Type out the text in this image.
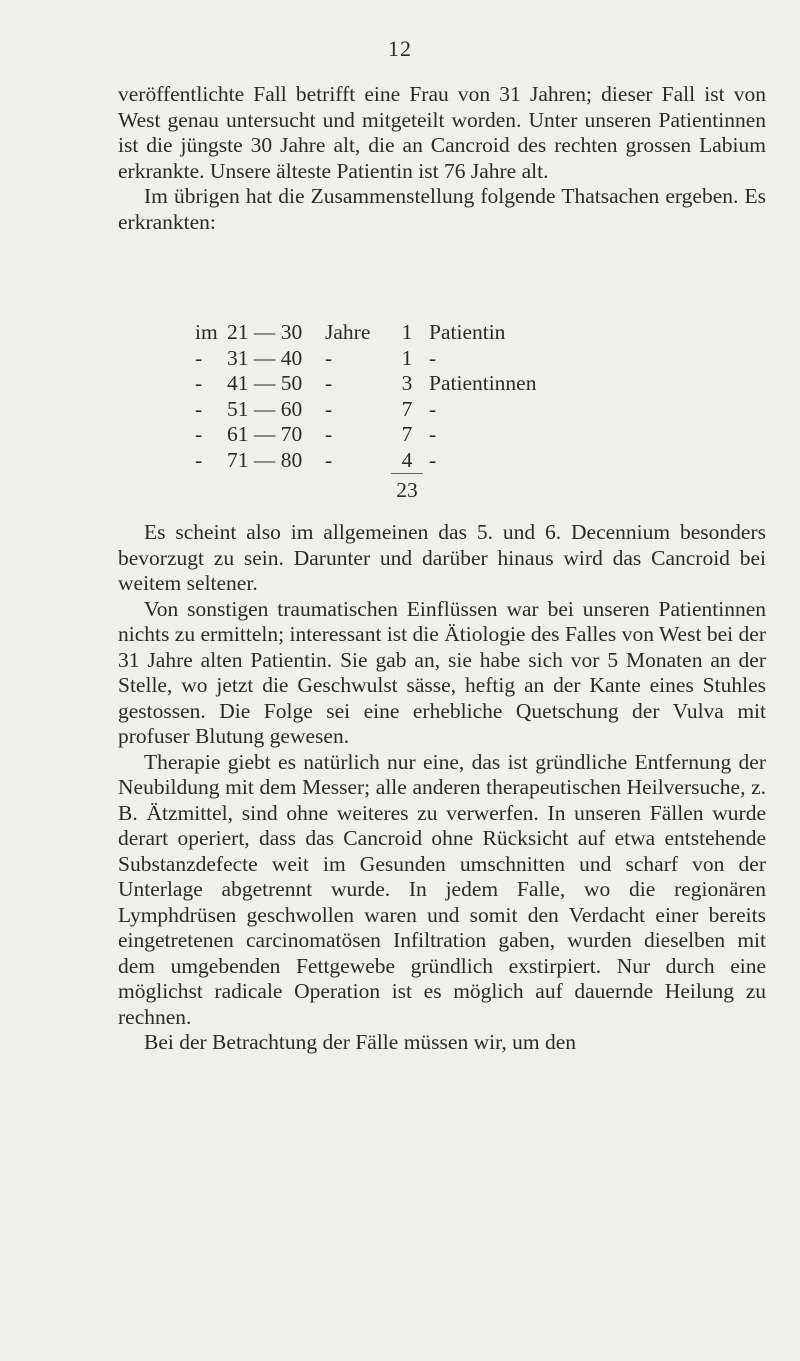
12

veröffentlichte Fall betrifft eine Frau von 31 Jahren; dieser Fall ist von West genau untersucht und mitgeteilt worden. Unter unseren Patientinnen ist die jüngste 30 Jahre alt, die an Cancroid des rechten grossen Labium erkrankte. Unsere älteste Patientin ist 76 Jahre alt.

Im übrigen hat die Zusammenstellung folgende Thatsachen ergeben. Es erkrankten:

im	21 — 30	Jahre	1	Patientin
-	31 — 40	-	1	-
-	41 — 50	-	3	Patientinnen
-	51 — 60	-	7	-
-	61 — 70	-	7	-
-	71 — 80	-	4	-
			23	

Es scheint also im allgemeinen das 5. und 6. Decennium besonders bevorzugt zu sein. Darunter und darüber hinaus wird das Cancroid bei weitem seltener.

Von sonstigen traumatischen Einflüssen war bei unseren Patientinnen nichts zu ermitteln; interessant ist die Ätiologie des Falles von West bei der 31 Jahre alten Patientin. Sie gab an, sie habe sich vor 5 Monaten an der Stelle, wo jetzt die Geschwulst sässe, heftig an der Kante eines Stuhles gestossen. Die Folge sei eine erhebliche Quetschung der Vulva mit profuser Blutung gewesen.

Therapie giebt es natürlich nur eine, das ist gründliche Entfernung der Neubildung mit dem Messer; alle anderen therapeutischen Heilversuche, z. B. Ätzmittel, sind ohne weiteres zu verwerfen. In unseren Fällen wurde derart operiert, dass das Cancroid ohne Rücksicht auf etwa entstehende Substanzdefecte weit im Gesunden umschnitten und scharf von der Unterlage abgetrennt wurde. In jedem Falle, wo die regionären Lymphdrüsen geschwollen waren und somit den Verdacht einer bereits eingetretenen carcinomatösen Infiltration gaben, wurden dieselben mit dem umgebenden Fettgewebe gründlich exstirpiert. Nur durch eine möglichst radicale Operation ist es möglich auf dauernde Heilung zu rechnen.

Bei der Betrachtung der Fälle müssen wir, um den
